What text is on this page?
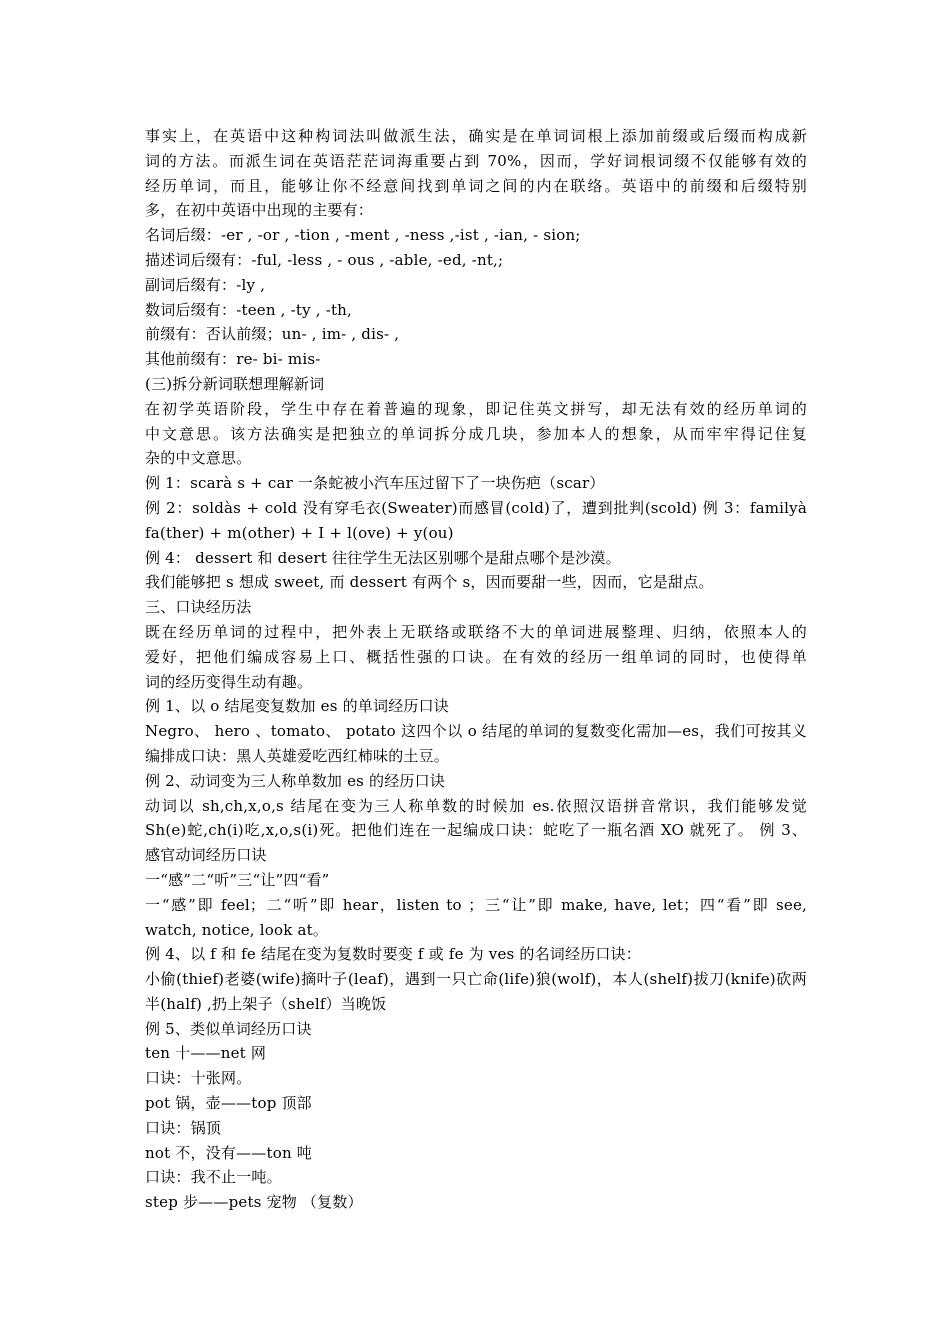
事实上，在英语中这种构词法叫做派生法，确实是在单词词根上添加前缀或后缀而构成新
词的方法。而派生词在英语茫茫词海重要占到 70%，因而，学好词根词缀不仅能够有效的
经历单词，而且，能够让你不经意间找到单词之间的内在联络。英语中的前缀和后缀特别
多，在初中英语中出现的主要有：
名词后缀：-er , -or , -tion , -ment , -ness ,-ist , -ian, - sion;
描述词后缀有：-ful, -less , - ous , -able, -ed, -nt,;
副词后缀有：-ly ,
数词后缀有：-teen , -ty , -th,
前缀有：否认前缀；un- , im- , dis- ,
其他前缀有：re- bi- mis-
(三)拆分新词联想理解新词
在初学英语阶段，学生中存在着普遍的现象，即记住英文拼写，却无法有效的经历单词的
中文意思。该方法确实是把独立的单词拆分成几块，参加本人的想象，从而牢牢得记住复
杂的中文意思。
例 1：scarà s + car 一条蛇被小汽车压过留下了一块伤疤（scar）
例 2：soldàs + cold 没有穿毛衣(Sweater)而感冒(cold)了，遭到批判(scold) 例 3：familyà
fa(ther) + m(other) + I + l(ove) + y(ou)
例 4： dessert 和 desert 往往学生无法区别哪个是甜点哪个是沙漠。
我们能够把 s 想成 sweet, 而 dessert 有两个 s，因而要甜一些，因而，它是甜点。
三、口诀经历法
既在经历单词的过程中，把外表上无联络或联络不大的单词进展整理、归纳，依照本人的
爱好，把他们编成容易上口、概括性强的口诀。在有效的经历一组单词的同时，也使得单
词的经历变得生动有趣。
例 1、以 o 结尾变复数加 es 的单词经历口诀
Negro、 hero 、tomato、 potato 这四个以 o 结尾的单词的复数变化需加—es，我们可按其义
编排成口诀：黑人英雄爱吃西红柿味的土豆。
例 2、动词变为三人称单数加 es 的经历口诀
动词以 sh,ch,x,o,s 结尾在变为三人称单数的时候加 es.依照汉语拼音常识，我们能够发觉
Sh(e)蛇,ch(i)吃,x,o,s(i)死。把他们连在一起编成口诀：蛇吃了一瓶名酒 XO 就死了。 例 3、
感官动词经历口诀
一“感”二“听”三“让”四“看”
一“感”即 feel；二“听”即 hear，listen to ；三“让”即 make, have, let；四“看”即 see,
watch, notice, look at。
例 4、以 f 和 fe 结尾在变为复数时要变 f 或 fe 为 ves 的名词经历口诀：
小偷(thief)老婆(wife)摘叶子(leaf)，遇到一只亡命(life)狼(wolf)，本人(shelf)拔刀(knife)砍两
半(half) ,扔上架子（shelf）当晚饭
例 5、类似单词经历口诀
ten 十——net 网
口诀：十张网。
pot 锅，壶——top 顶部
口诀：锅顶
not 不，没有——ton 吨
口诀：我不止一吨。
step 步——pets 宠物 （复数）
